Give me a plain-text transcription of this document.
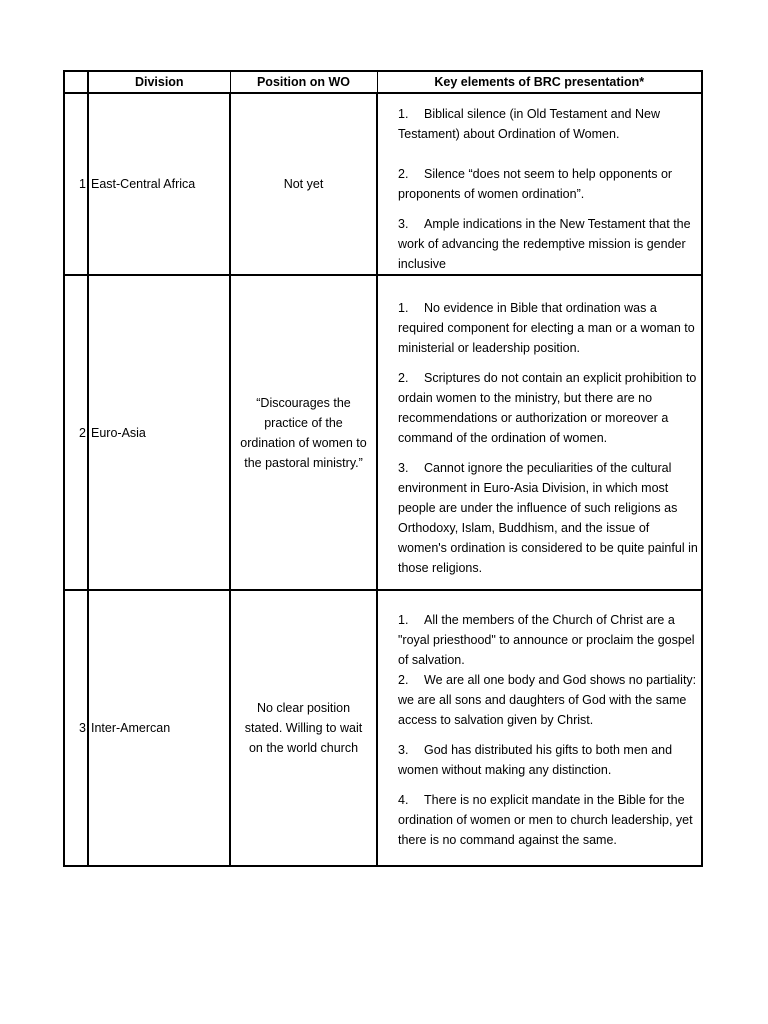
	Division	Position on WO	Key elements of BRC presentation*
1	East-Central Africa	Not yet	1. Biblical silence (in Old Testament and New Testament) about Ordination of Women.

2. Silence “does not seem to help opponents or proponents of women ordination”.

3. Ample indications in the New Testament that the work of advancing the redemptive mission is gender inclusive

2	Euro-Asia	“Discourages the practice of the ordination of women to the pastoral ministry.”	1. No evidence in Bible that ordination was a required component for electing a man or a woman to ministerial or leadership position.

2. Scriptures do not contain an explicit prohibition to ordain women to the ministry, but there are no recommendations or authorization or moreover a command of the ordination of women.

3. Cannot ignore the peculiarities of the cultural environment in Euro-Asia Division, in which most people are under the influence of such religions as Orthodoxy, Islam, Buddhism, and the issue of women's ordination is considered to be quite painful in those religions.

3	Inter-Amercan	No clear position stated. Willing to wait on the world church	1. All the members of the Church of Christ are a "royal priesthood" to announce or proclaim the gospel of salvation.

2. We are all one body and God shows no partiality: we are all sons and daughters of God with the same access to salvation given by Christ.

3. God has distributed his gifts to both men and women without making any distinction.

4. There is no explicit mandate in the Bible for the ordination of women or men to church leadership, yet there is no command against the same.
